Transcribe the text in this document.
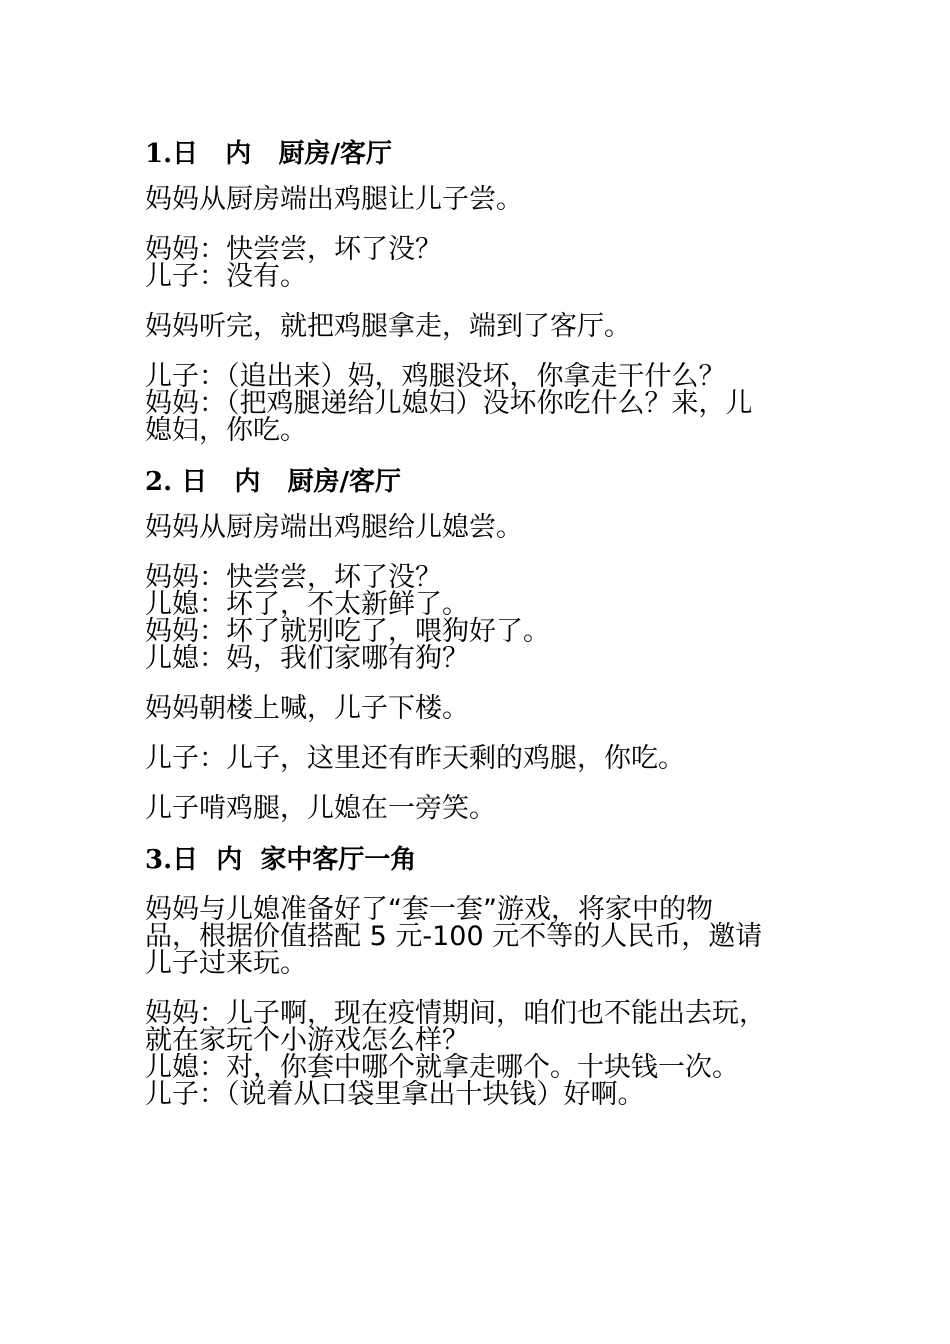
1.日   内   厨房/客厅
妈妈从厨房端出鸡腿让儿子尝。
妈妈：快尝尝，坏了没？
儿子：没有。
妈妈听完，就把鸡腿拿走，端到了客厅。
儿子：（追出来）妈，鸡腿没坏，你拿走干什么？
妈妈：（把鸡腿递给儿媳妇）没坏你吃什么？来，儿
媳妇，你吃。
2. 日   内   厨房/客厅
妈妈从厨房端出鸡腿给儿媳尝。
妈妈：快尝尝，坏了没？
儿媳：坏了，不太新鲜了。
妈妈：坏了就别吃了，喂狗好了。
儿媳：妈，我们家哪有狗？
妈妈朝楼上喊，儿子下楼。
儿子：儿子，这里还有昨天剩的鸡腿，你吃。
儿子啃鸡腿，儿媳在一旁笑。
3.日  内  家中客厅一角
妈妈与儿媳准备好了“套一套”游戏，将家中的物
品，根据价值搭配 5 元-100 元不等的人民币，邀请
儿子过来玩。
妈妈：儿子啊，现在疫情期间，咱们也不能出去玩，
就在家玩个小游戏怎么样？
儿媳：对，你套中哪个就拿走哪个。十块钱一次。
儿子：（说着从口袋里拿出十块钱）好啊。
